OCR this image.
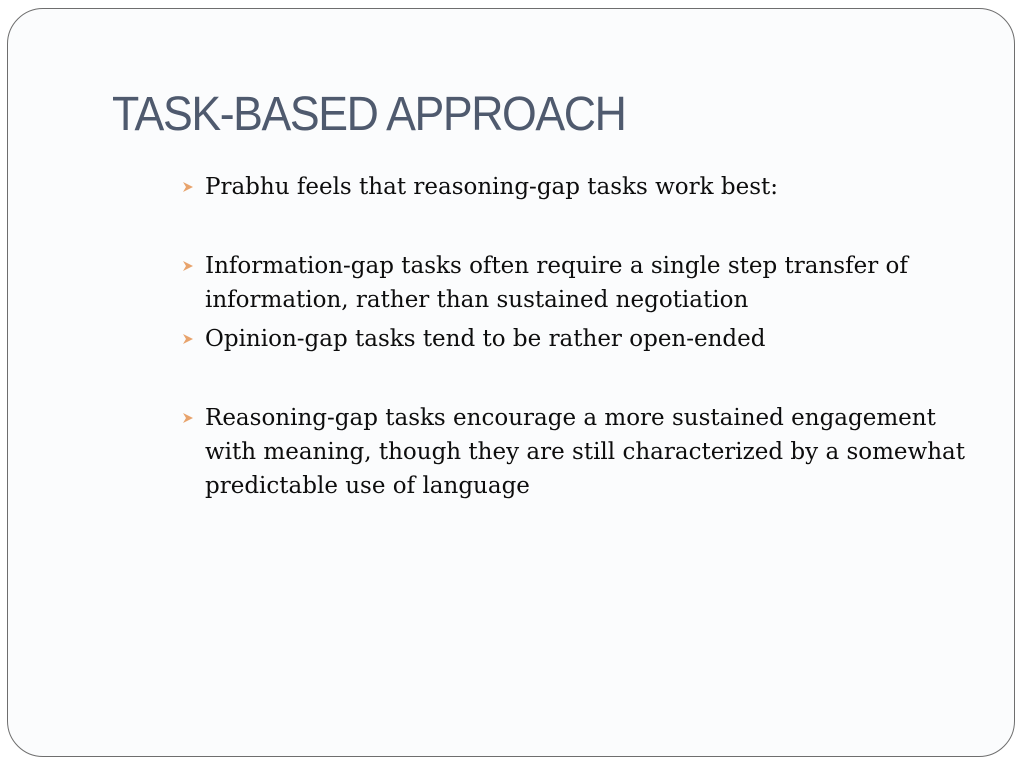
TASK-BASED APPROACH
Prabhu feels that reasoning-gap tasks work best:
Information-gap tasks often require a single step transfer of information, rather than sustained negotiation
Opinion-gap tasks tend to be rather open-ended
Reasoning-gap tasks encourage a more sustained engagement with meaning, though they are still characterized by a somewhat predictable use of language
